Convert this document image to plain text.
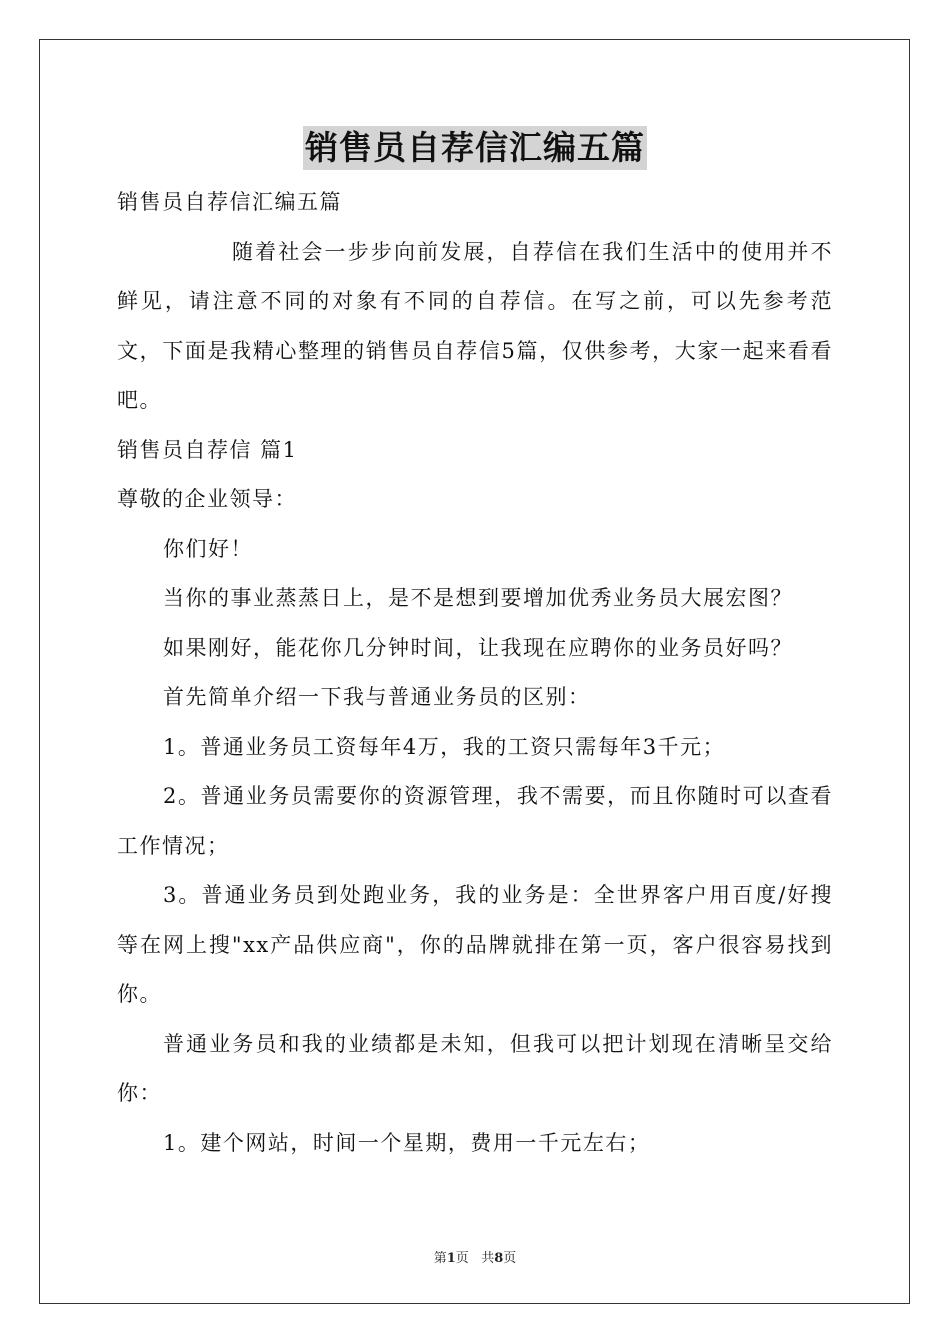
销售员自荐信汇编五篇

销售员自荐信汇编五篇

随着社会一步步向前发展，自荐信在我们生活中的使用并不鲜见，请注意不同的对象有不同的自荐信。在写之前，可以先参考范文，下面是我精心整理的销售员自荐信5篇，仅供参考，大家一起来看看吧。

销售员自荐信 篇1

尊敬的企业领导：

你们好！

当你的事业蒸蒸日上，是不是想到要增加优秀业务员大展宏图？

如果刚好，能花你几分钟时间，让我现在应聘你的业务员好吗？

首先简单介绍一下我与普通业务员的区别：

1。普通业务员工资每年4万，我的工资只需每年3千元；

2。普通业务员需要你的资源管理，我不需要，而且你随时可以查看工作情况；

3。普通业务员到处跑业务，我的业务是：全世界客户用百度/好搜等在网上搜"xx产品供应商"，你的品牌就排在第一页，客户很容易找到你。

普通业务员和我的业绩都是未知，但我可以把计划现在清晰呈交给你：

1。建个网站，时间一个星期，费用一千元左右；

第1页 共8页
